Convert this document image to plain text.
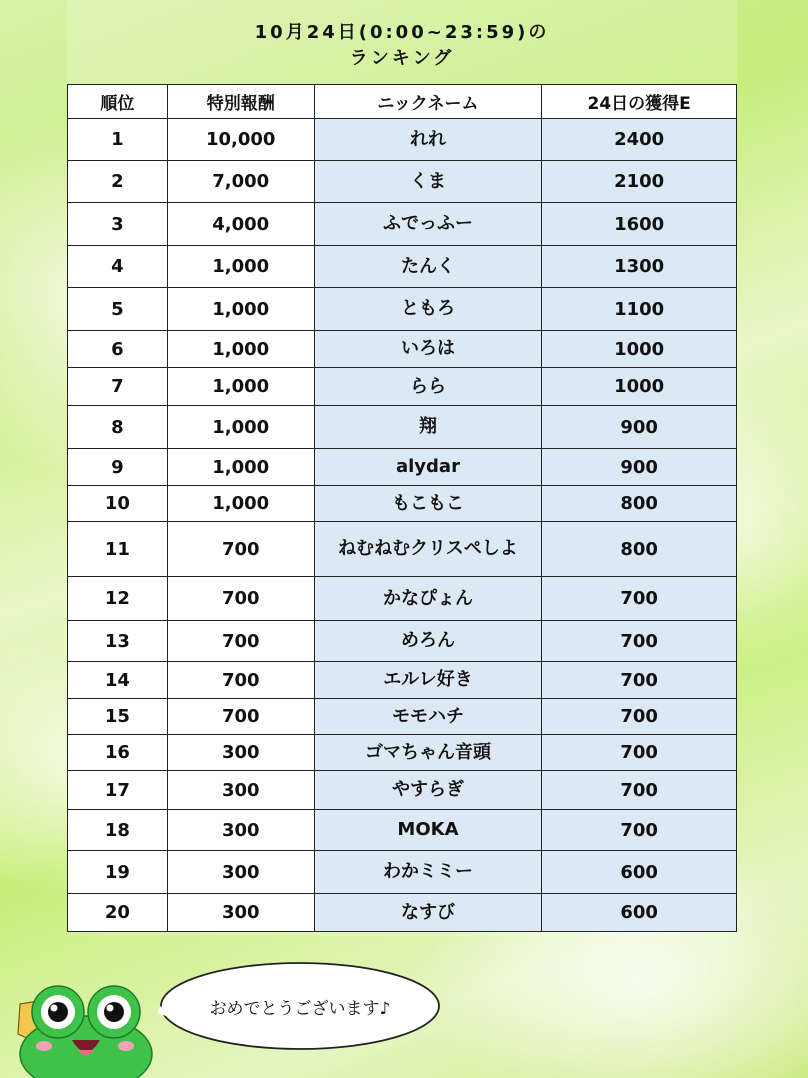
10月24日(0:00~23:59)の
ランキング
順位	特別報酬	ニックネーム	24日の獲得E
1	10,000	れれ	2400
2	7,000	くま	2100
3	4,000	ふでっふー	1600
4	1,000	たんく	1300
5	1,000	ともろ	1100
6	1,000	いろは	1000
7	1,000	らら	1000
8	1,000	翔	900
9	1,000	alydar	900
10	1,000	もこもこ	800
11	700	ねむねむクリスペしよ	800
12	700	かなぴょん	700
13	700	めろん	700
14	700	エルレ好き	700
15	700	モモハチ	700
16	300	ゴマちゃん音頭	700
17	300	やすらぎ	700
18	300	MOKA	700
19	300	わかミミー	600
20	300	なすび	600
おめでとうございます♪
